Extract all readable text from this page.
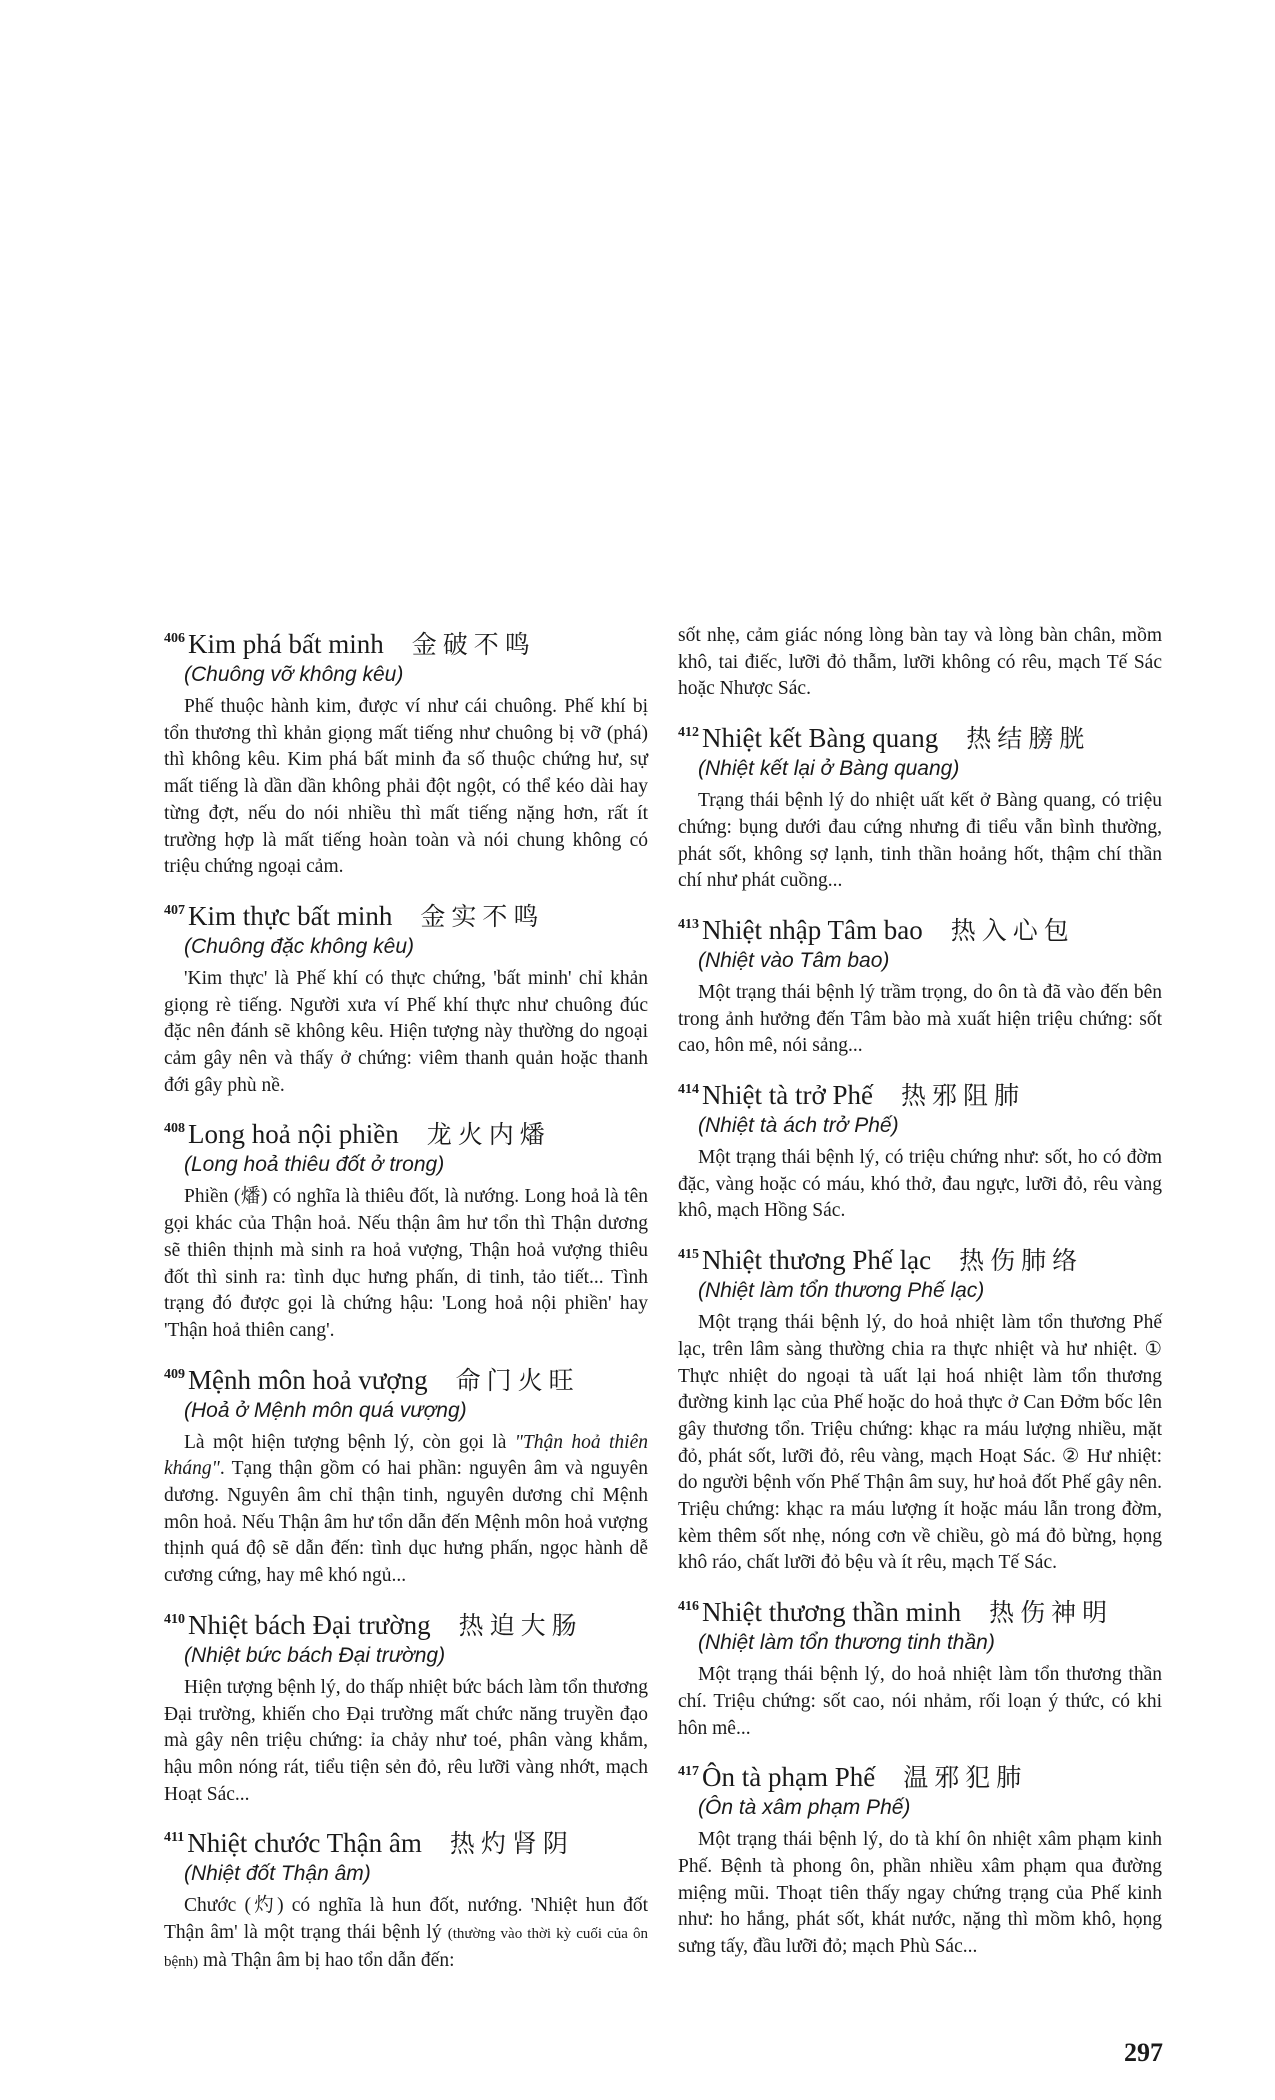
$^{406}$ Kim phá bất minh 金破不鸣
(Chuông vỡ không kêu)
Phế thuộc hành kim, được ví như cái chuông. Phế khí bị tổn thương thì khản giọng mất tiếng như chuông bị vỡ (phá) thì không kêu. Kim phá bất minh đa số thuộc chứng hư, sự mất tiếng là dần dần không phải đột ngột, có thể kéo dài hay từng đợt, nếu do nói nhiều thì mất tiếng nặng hơn, rất ít trường hợp là mất tiếng hoàn toàn và nói chung không có triệu chứng ngoại cảm.
$^{407}$ Kim thực bất minh 金实不鸣
(Chuông đặc không kêu)
'Kim thực' là Phế khí có thực chứng, 'bất minh' chỉ khản giọng rè tiếng. Người xưa ví Phế khí thực như chuông đúc đặc nên đánh sẽ không kêu. Hiện tượng này thường do ngoại cảm gây nên và thấy ở chứng: viêm thanh quản hoặc thanh đới gây phù nề.
$^{408}$ Long hoả nội phiền 龙火内燔
(Long hoả thiêu đốt ở trong)
Phiền (燔) có nghĩa là thiêu đốt, là nướng. Long hoả là tên gọi khác của Thận hoả. Nếu thận âm hư tổn thì Thận dương sẽ thiên thịnh mà sinh ra hoả vượng, Thận hoả vượng thiêu đốt thì sinh ra: tình dục hưng phấn, di tinh, tảo tiết... Tình trạng đó được gọi là chứng hậu: 'Long hoả nội phiền' hay 'Thận hoả thiên cang'.
$^{409}$ Mệnh môn hoả vượng 命门火旺
(Hoả ở Mệnh môn quá vượng)
Là một hiện tượng bệnh lý, còn gọi là "Thận hoả thiên kháng". Tạng thận gồm có hai phần: nguyên âm và nguyên dương. Nguyên âm chỉ thận tinh, nguyên dương chỉ Mệnh môn hoả. Nếu Thận âm hư tổn dẫn đến Mệnh môn hoả vượng thịnh quá độ sẽ dẫn đến: tình dục hưng phấn, ngọc hành dễ cương cứng, hay mê khó ngủ...
$^{410}$ Nhiệt bách Đại trường 热迫大肠
(Nhiệt bức bách Đại trường)
Hiện tượng bệnh lý, do thấp nhiệt bức bách làm tổn thương Đại trường, khiến cho Đại trường mất chức năng truyền đạo mà gây nên triệu chứng: ỉa chảy như toé, phân vàng khắm, hậu môn nóng rát, tiểu tiện sẻn đỏ, rêu lưỡi vàng nhớt, mạch Hoạt Sác...
$^{411}$ Nhiệt chước Thận âm 热灼肾阴
(Nhiệt đốt Thận âm)
Chước (灼) có nghĩa là hun đốt, nướng. 'Nhiệt hun đốt Thận âm' là một trạng thái bệnh lý (thường vào thời kỳ cuối của ôn bệnh) mà Thận âm bị hao tổn dẫn đến:
sốt nhẹ, cảm giác nóng lòng bàn tay và lòng bàn chân, mồm khô, tai điếc, lưỡi đỏ thẫm, lưỡi không có rêu, mạch Tế Sác hoặc Nhược Sác.
$^{412}$ Nhiệt kết Bàng quang 热结膀胱
(Nhiệt kết lại ở Bàng quang)
Trạng thái bệnh lý do nhiệt uất kết ở Bàng quang, có triệu chứng: bụng dưới đau cứng nhưng đi tiểu vẫn bình thường, phát sốt, không sợ lạnh, tinh thần hoảng hốt, thậm chí thần chí như phát cuồng...
$^{413}$ Nhiệt nhập Tâm bao 热入心包
(Nhiệt vào Tâm bao)
Một trạng thái bệnh lý trầm trọng, do ôn tà đã vào đến bên trong ảnh hưởng đến Tâm bào mà xuất hiện triệu chứng: sốt cao, hôn mê, nói sảng...
$^{414}$ Nhiệt tà trở Phế 热邪阻肺
(Nhiệt tà ách trở Phế)
Một trạng thái bệnh lý, có triệu chứng như: sốt, ho có đờm đặc, vàng hoặc có máu, khó thở, đau ngực, lưỡi đỏ, rêu vàng khô, mạch Hồng Sác.
$^{415}$ Nhiệt thương Phế lạc 热伤肺络
(Nhiệt làm tổn thương Phế lạc)
Một trạng thái bệnh lý, do hoả nhiệt làm tổn thương Phế lạc, trên lâm sàng thường chia ra thực nhiệt và hư nhiệt. ① Thực nhiệt do ngoại tà uất lại hoá nhiệt làm tổn thương đường kinh lạc của Phế hoặc do hoả thực ở Can Đởm bốc lên gây thương tổn. Triệu chứng: khạc ra máu lượng nhiều, mặt đỏ, phát sốt, lưỡi đỏ, rêu vàng, mạch Hoạt Sác. ② Hư nhiệt: do người bệnh vốn Phế Thận âm suy, hư hoả đốt Phế gây nên. Triệu chứng: khạc ra máu lượng ít hoặc máu lẫn trong đờm, kèm thêm sốt nhẹ, nóng cơn về chiều, gò má đỏ bừng, họng khô ráo, chất lưỡi đỏ bệu và ít rêu, mạch Tế Sác.
$^{416}$ Nhiệt thương thần minh 热伤神明
(Nhiệt làm tổn thương tinh thần)
Một trạng thái bệnh lý, do hoả nhiệt làm tổn thương thần chí. Triệu chứng: sốt cao, nói nhảm, rối loạn ý thức, có khi hôn mê...
$^{417}$ Ôn tà phạm Phế 温邪犯肺
(Ôn tà xâm phạm Phế)
Một trạng thái bệnh lý, do tà khí ôn nhiệt xâm phạm kinh Phế. Bệnh tà phong ôn, phần nhiều xâm phạm qua đường miệng mũi. Thoạt tiên thấy ngay chứng trạng của Phế kinh như: ho hắng, phát sốt, khát nước, nặng thì mồm khô, họng sưng tấy, đầu lưỡi đỏ; mạch Phù Sác...
297
